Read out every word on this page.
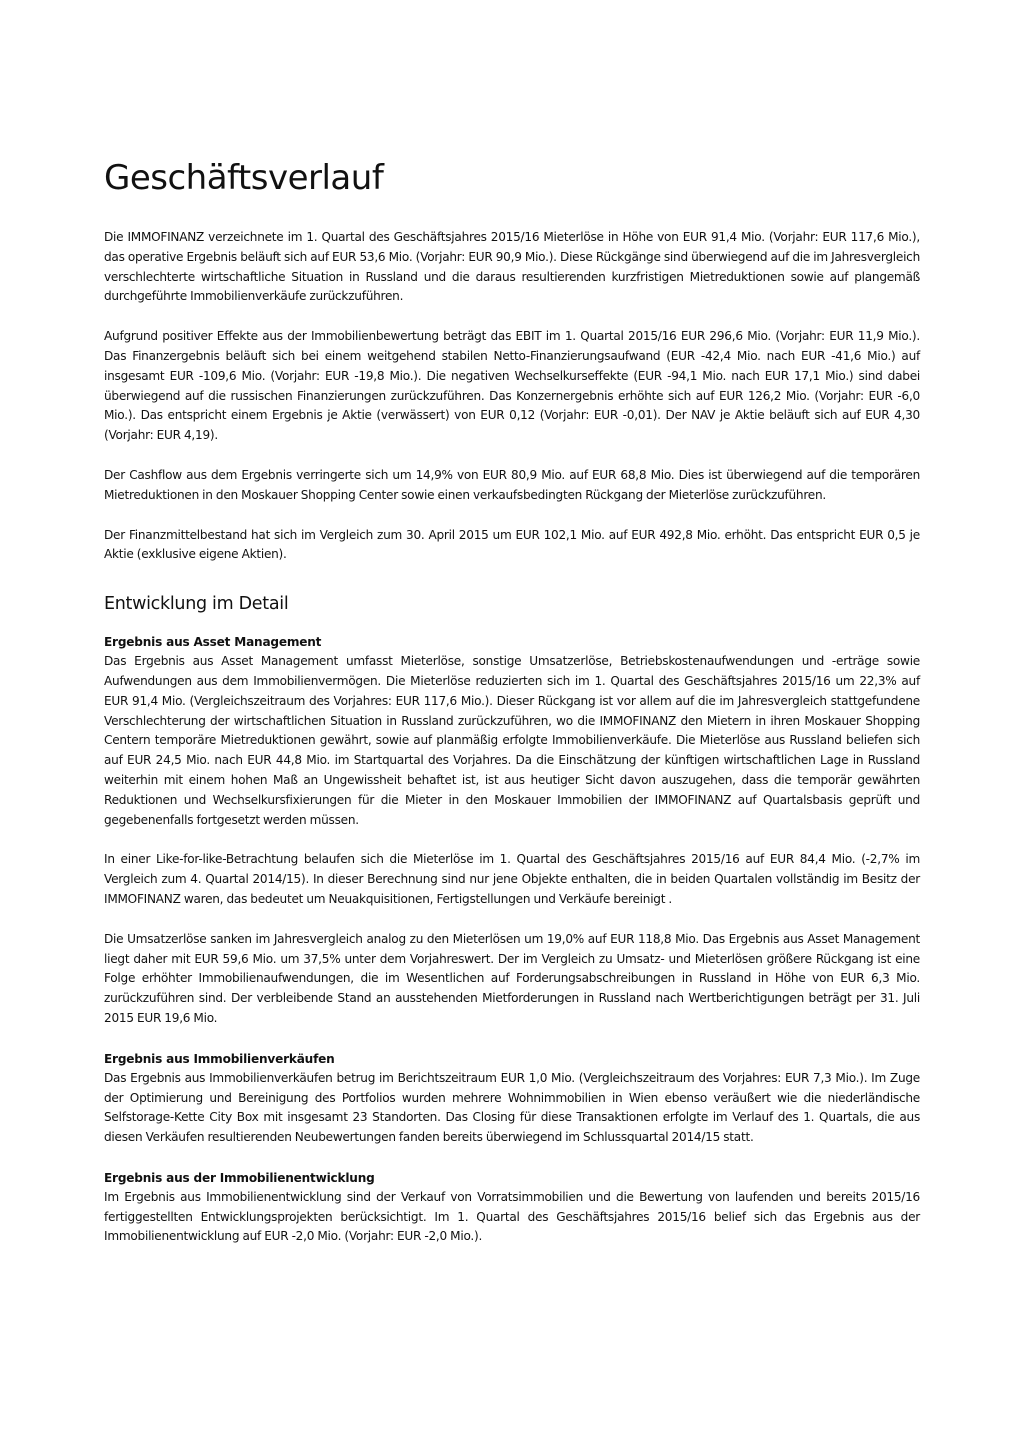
Geschäftsverlauf

Die IMMOFINANZ verzeichnete im 1. Quartal des Geschäftsjahres 2015/16 Mieterlöse in Höhe von EUR 91,4 Mio. (Vorjahr: EUR 117,6 Mio.), das operative Ergebnis beläuft sich auf EUR 53,6 Mio. (Vorjahr: EUR 90,9 Mio.). Diese Rückgänge sind überwiegend auf die im Jahresvergleich verschlechterte wirtschaftliche Situation in Russland und die daraus resultierenden kurzfristigen Mietreduktionen sowie auf plangemäß durchgeführte Immobilienverkäufe zurückzuführen.

Aufgrund positiver Effekte aus der Immobilienbewertung beträgt das EBIT im 1. Quartal 2015/16 EUR 296,6 Mio. (Vorjahr: EUR 11,9 Mio.). Das Finanzergebnis beläuft sich bei einem weitgehend stabilen Netto-Finanzierungsaufwand (EUR -42,4 Mio. nach EUR -41,6 Mio.) auf insgesamt EUR -109,6 Mio. (Vorjahr: EUR -19,8 Mio.). Die negativen Wechselkurseffekte (EUR -94,1 Mio. nach EUR 17,1 Mio.) sind dabei überwiegend auf die russischen Finanzierungen zurückzuführen. Das Konzernergebnis erhöhte sich auf EUR 126,2 Mio. (Vorjahr: EUR -6,0 Mio.). Das entspricht einem Ergebnis je Aktie (verwässert) von EUR 0,12 (Vorjahr: EUR -0,01). Der NAV je Aktie beläuft sich auf EUR 4,30 (Vorjahr: EUR 4,19).

Der Cashflow aus dem Ergebnis verringerte sich um 14,9% von EUR 80,9 Mio. auf EUR 68,8 Mio. Dies ist überwiegend auf die temporären Mietreduktionen in den Moskauer Shopping Center sowie einen verkaufsbedingten Rückgang der Mieterlöse zurückzuführen.

Der Finanzmittelbestand hat sich im Vergleich zum 30. April 2015 um EUR 102,1 Mio. auf EUR 492,8 Mio. erhöht. Das entspricht EUR 0,5 je Aktie (exklusive eigene Aktien).

Entwicklung im Detail
Ergebnis aus Asset Management

Das Ergebnis aus Asset Management umfasst Mieterlöse, sonstige Umsatzerlöse, Betriebskostenaufwendungen und -erträge sowie Aufwendungen aus dem Immobilienvermögen. Die Mieterlöse reduzierten sich im 1. Quartal des Geschäftsjahres 2015/16 um 22,3% auf EUR 91,4 Mio. (Vergleichszeitraum des Vorjahres: EUR 117,6 Mio.). Dieser Rückgang ist vor allem auf die im Jahresvergleich stattgefundene Verschlechterung der wirtschaftlichen Situation in Russland zurückzuführen, wo die IMMOFINANZ den Mietern in ihren Moskauer Shopping Centern temporäre Mietreduktionen gewährt, sowie auf planmäßig erfolgte Immobilienverkäufe. Die Mieterlöse aus Russland beliefen sich auf EUR 24,5 Mio. nach EUR 44,8 Mio. im Startquartal des Vorjahres. Da die Einschätzung der künftigen wirtschaftlichen Lage in Russland weiterhin mit einem hohen Maß an Ungewissheit behaftet ist, ist aus heutiger Sicht davon auszugehen, dass die temporär gewährten Reduktionen und Wechselkursfixierungen für die Mieter in den Moskauer Immobilien der IMMOFINANZ auf Quartalsbasis geprüft und gegebenenfalls fortgesetzt werden müssen.

In einer Like-for-like-Betrachtung belaufen sich die Mieterlöse im 1. Quartal des Geschäftsjahres 2015/16 auf EUR 84,4 Mio. (-2,7% im Vergleich zum 4. Quartal 2014/15). In dieser Berechnung sind nur jene Objekte enthalten, die in beiden Quartalen vollständig im Besitz der IMMOFINANZ waren, das bedeutet um Neuakquisitionen, Fertigstellungen und Verkäufe bereinigt .

Die Umsatzerlöse sanken im Jahresvergleich analog zu den Mieterlösen um 19,0% auf EUR 118,8 Mio. Das Ergebnis aus Asset Management liegt daher mit EUR 59,6 Mio. um 37,5% unter dem Vorjahreswert. Der im Vergleich zu Umsatz- und Mieterlösen größere Rückgang ist eine Folge erhöhter Immobilienaufwendungen, die im Wesentlichen auf Forderungsabschreibungen in Russland in Höhe von EUR 6,3 Mio. zurückzuführen sind. Der verbleibende Stand an ausstehenden Mietforderungen in Russland nach Wertberichtigungen beträgt per 31. Juli 2015 EUR 19,6 Mio.

Ergebnis aus Immobilienverkäufen

Das Ergebnis aus Immobilienverkäufen betrug im Berichtszeitraum EUR 1,0 Mio. (Vergleichszeitraum des Vorjahres: EUR 7,3 Mio.). Im Zuge der Optimierung und Bereinigung des Portfolios wurden mehrere Wohnimmobilien in Wien ebenso veräußert wie die niederländische Selfstorage-Kette City Box mit insgesamt 23 Standorten. Das Closing für diese Transaktionen erfolgte im Verlauf des 1. Quartals, die aus diesen Verkäufen resultierenden Neubewertungen fanden bereits überwiegend im Schlussquartal 2014/15 statt.

Ergebnis aus der Immobilienentwicklung

Im Ergebnis aus Immobilienentwicklung sind der Verkauf von Vorratsimmobilien und die Bewertung von laufenden und bereits 2015/16 fertiggestellten Entwicklungsprojekten berücksichtigt. Im 1. Quartal des Geschäftsjahres 2015/16 belief sich das Ergebnis aus der Immobilienentwicklung auf EUR -2,0 Mio. (Vorjahr: EUR -2,0 Mio.).
